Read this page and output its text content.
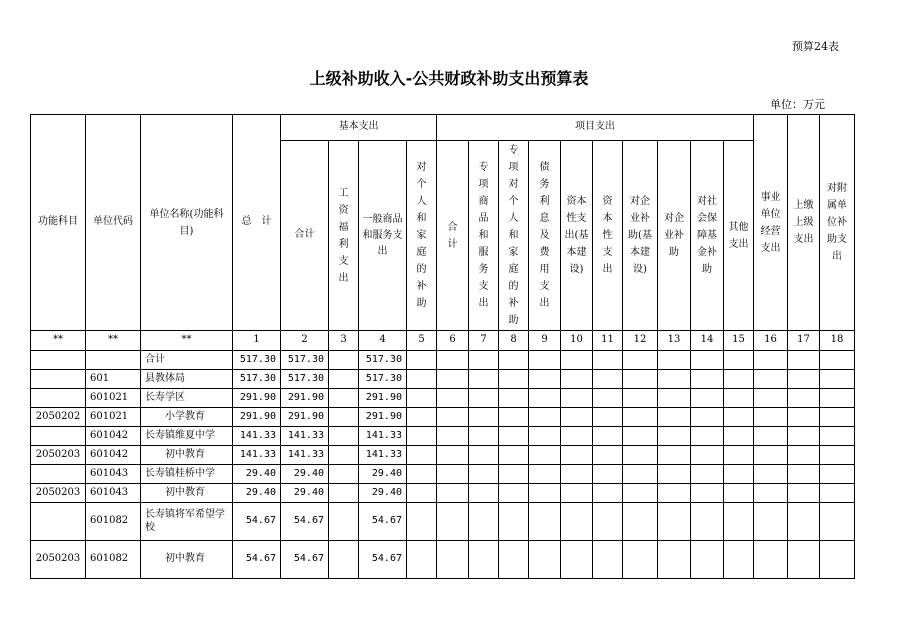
预算24表
上级补助收入-公共财政补助支出预算表
单位：万元
功能科目	单位代码	单位名称(功能科目)	总　计	基本支出				项目支出										事业单位经营支出	上缴上级支出	对附属单位补助支出
				合计	工资福利支出	一般商品和服务支出	对个人和家庭的补助	合计	专项商品和服务支出	专项对个人和家庭的补助	债务利息及费用支出	资本性支出(基本建设)	资本性支出	对企业补助(基本建设)	对企业补助	对社会保障基金补助	其他支出			
**	**	**	1	2	3	4	5	6	7	8	9	10	11	12	13	14	15	16	17	18
		合计	517.30	517.30		517.30														
	601	县教体局	517.30	517.30		517.30														
	601021	长寿学区	291.90	291.90		291.90														
2050202	601021	小学教育	291.90	291.90		291.90														
	601042	长寿镇维夏中学	141.33	141.33		141.33														
2050203	601042	初中教育	141.33	141.33		141.33														
	601043	长寿镇桂桥中学	29.40	29.40		29.40														
2050203	601043	初中教育	29.40	29.40		29.40														
	601082	长寿镇将军希望学校	54.67	54.67		54.67														
2050203	601082	初中教育	54.67	54.67		54.67														
